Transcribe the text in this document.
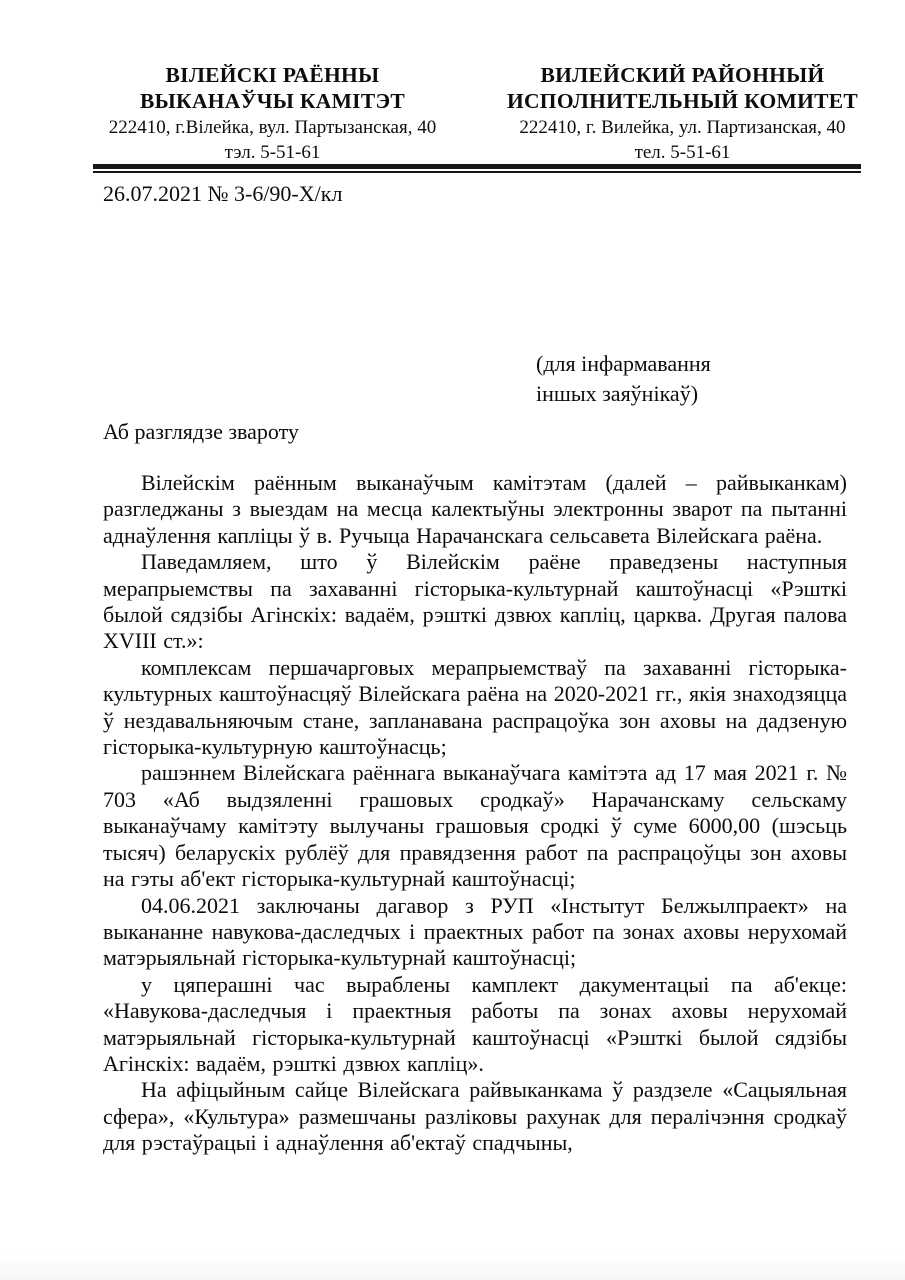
ВІЛЕЙСКІ РАЁННЫ
ВЫКАНАЎЧЫ КАМІТЭТ
222410, г.Вілейка, вул. Партызанская, 40
тэл. 5-51-61
ВИЛЕЙСКИЙ РАЙОННЫЙ
ИСПОЛНИТЕЛЬНЫЙ КОМИТЕТ
222410, г. Вилейка, ул. Партизанская, 40
тел. 5-51-61
26.07.2021 № 3-6/90-Х/кл
(для інфармавання
іншых заяўнікаў)
Аб разглядзе звароту

Вілейскім раённым выканаўчым камітэтам (далей – райвыканкам) разгледжаны з выездам на месца калектыўны электронны зварот па пытанні аднаўлення капліцы ў в. Ручыца Нарачанскага сельсавета Вілейскага раёна.

Паведамляем, што ў Вілейскім раёне праведзены наступныя мерапрыемствы па захаванні гісторыка-культурнай каштоўнасці «Рэшткі былой сядзібы Агінскіх: вадаём, рэшткі дзвюх капліц, царква. Другая палова XVIII ст.»:

комплексам першачарговых мерапрыемстваў па захаванні гісторыка-культурных каштоўнасцяў Вілейскага раёна на 2020-2021 гг., якія знаходзяцца ў нездавальняючым стане, запланавана распрацоўка зон аховы на дадзеную гісторыка-культурную каштоўнасць;

рашэннем Вілейскага раённага выканаўчага камітэта ад 17 мая 2021 г. № 703 «Аб выдзяленні грашовых сродкаў» Нарачанскаму сельскаму выканаўчаму камітэту вылучаны грашовыя сродкі ў суме 6000,00 (шэсьць тысяч) беларускіх рублёў для правядзення работ па распрацоўцы зон аховы на гэты аб'ект гісторыка-культурнай каштоўнасці;

04.06.2021 заключаны дагавор з РУП «Інстытут Белжылпраект» на выкананне навукова-даследчых і праектных работ па зонах аховы нерухомай матэрыяльнай гісторыка-культурнай каштоўнасці;

у цяперашні час выраблены камплект дакументацыі па аб'екце: «Навукова-даследчыя і праектныя работы па зонах аховы нерухомай матэрыяльнай гісторыка-культурнай каштоўнасці «Рэшткі былой сядзібы Агінскіх: вадаём, рэшткі дзвюх капліц».

На афіцыйным сайце Вілейскага райвыканкама ў раздзеле «Сацыяльная сфера», «Культура» размешчаны разліковы рахунак для пералічэння сродкаў для рэстаўрацыі і аднаўлення аб'ектаў спадчыны,
